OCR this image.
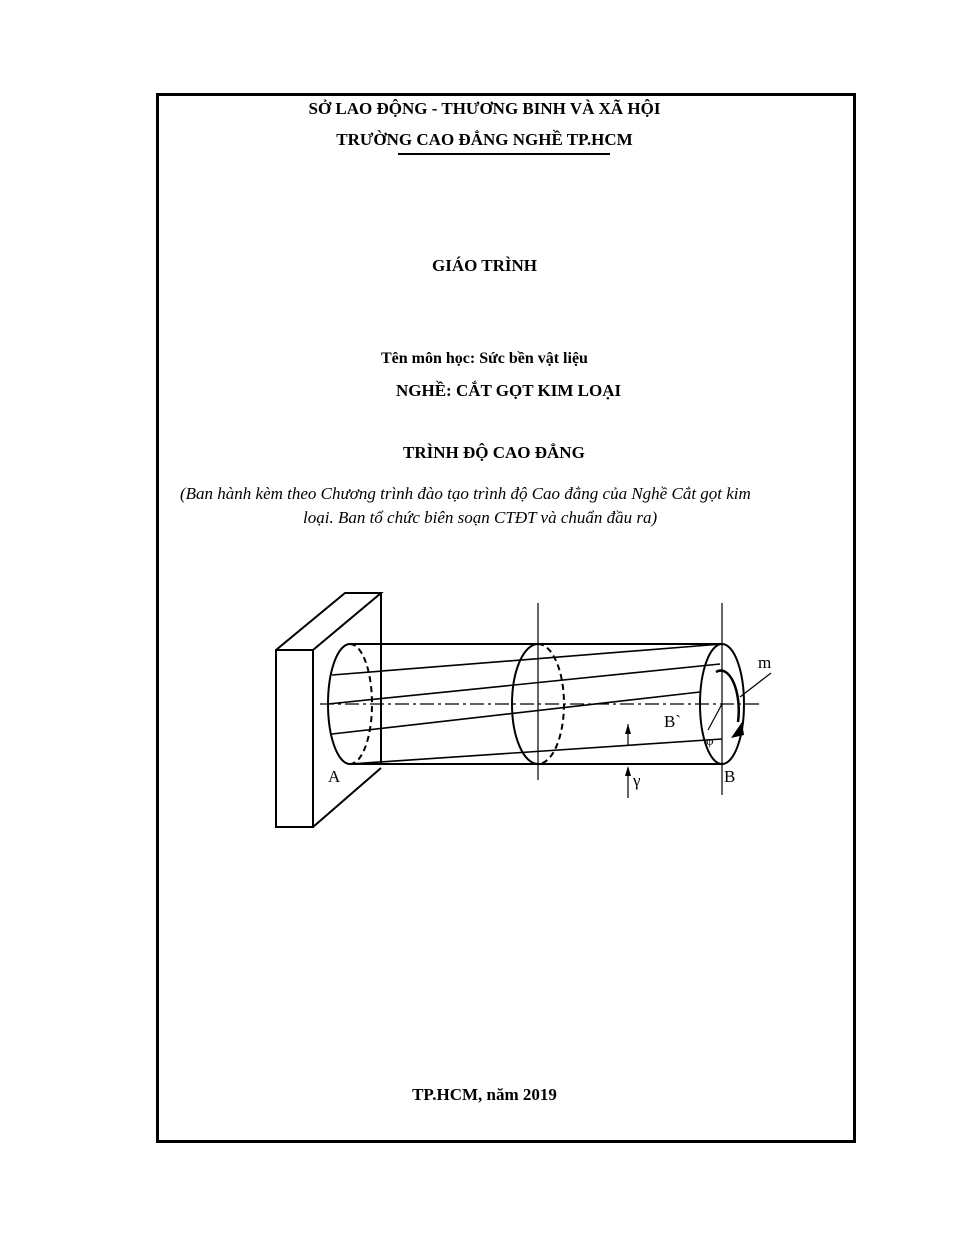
SỞ LAO ĐỘNG - THƯƠNG BINH VÀ XÃ HỘI
TRƯỜNG CAO ĐẲNG NGHỀ TP.HCM
GIÁO TRÌNH
Tên môn học: Sức bền vật liệu
NGHỀ: CẮT GỌT KIM LOẠI
TRÌNH ĐỘ CAO ĐẲNG
(Ban hành kèm theo Chương trình đào tạo trình độ Cao đẳng của Nghề Cắt gọt kim
loại. Ban tổ chức biên soạn CTĐT và chuẩn đầu ra)
A	B
B`
m
φ
γ
TP.HCM, năm 2019
